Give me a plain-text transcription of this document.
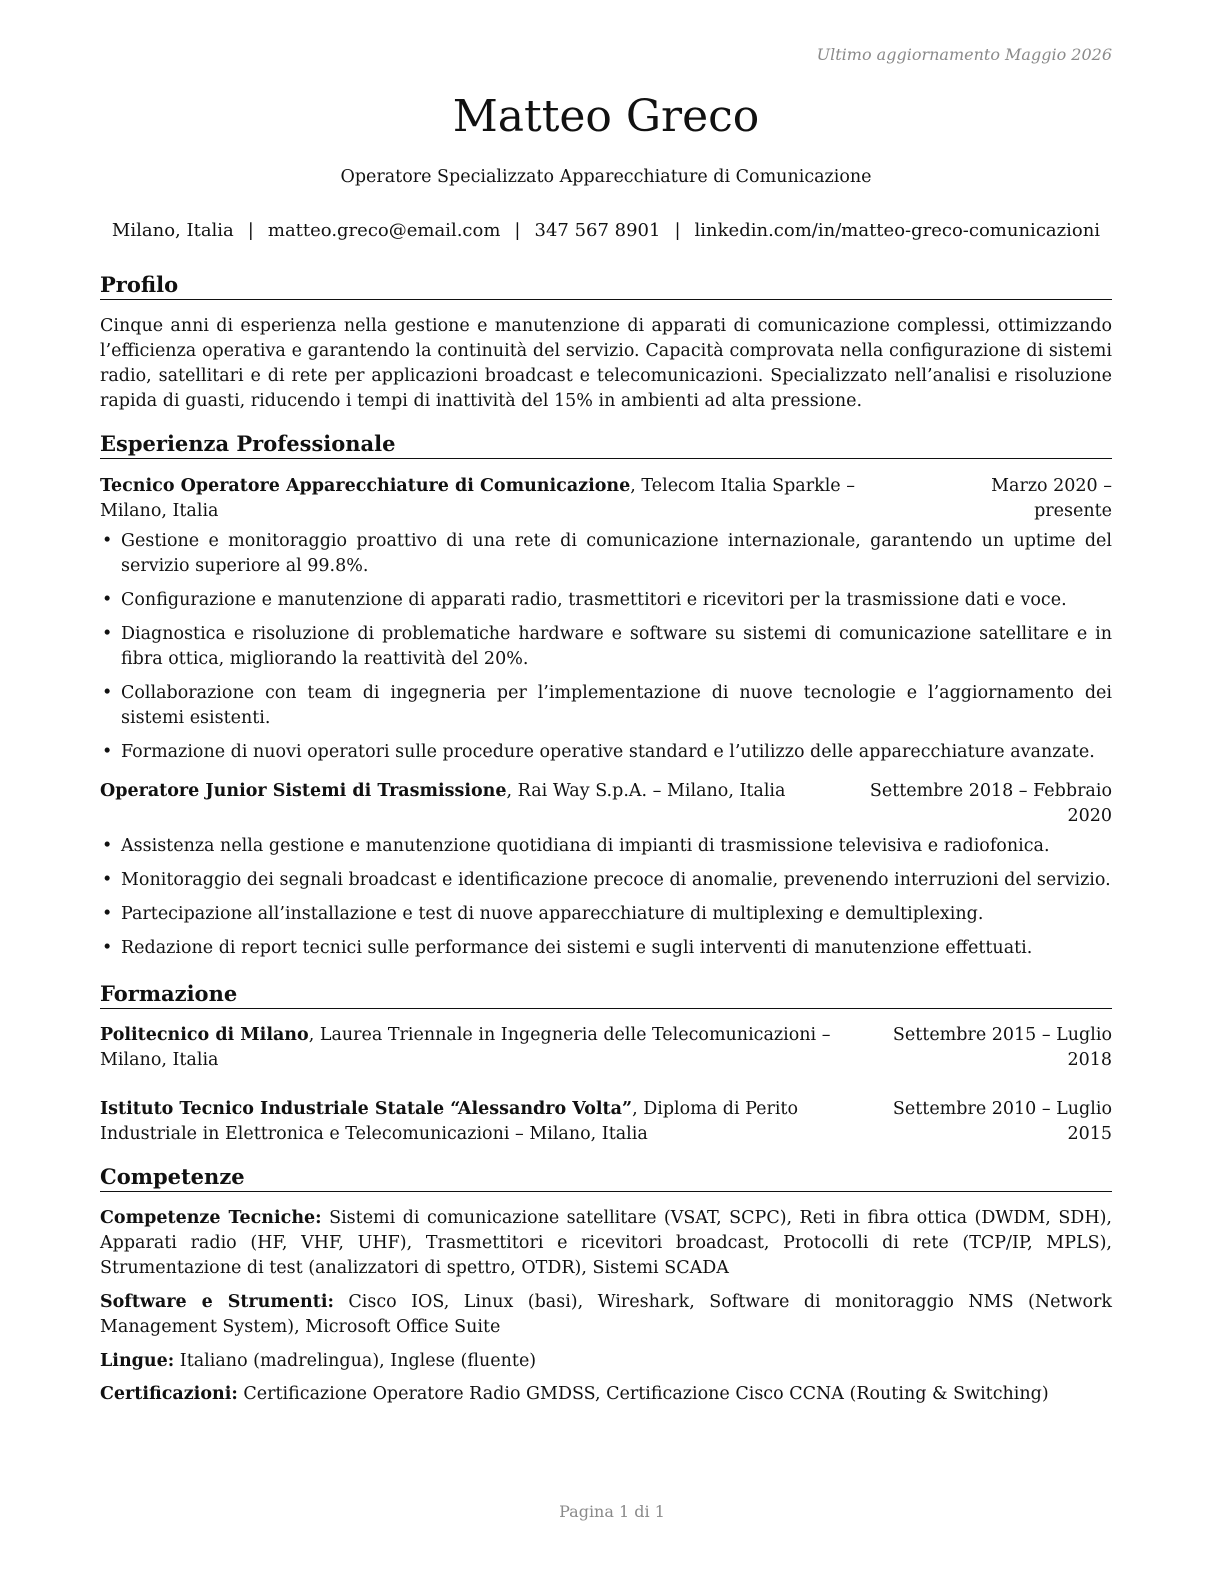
Ultimo aggiornamento Maggio 2026
Matteo Greco
Operatore Specializzato Apparecchiature di Comunicazione
Milano, Italia | matteo.greco@email.com | 347 567 8901 | linkedin.com/in/matteo-greco-comunicazioni
Profilo
Cinque anni di esperienza nella gestione e manutenzione di apparati di comunicazione complessi, ottimizzando l’efficienza operativa e garantendo la continuità del servizio. Capacità comprovata nella configurazione di sistemi radio, satellitari e di rete per applicazioni broadcast e telecomunicazioni. Specializzato nell’analisi e risoluzione rapida di guasti, riducendo i tempi di inattività del 15% in ambienti ad alta pressione.
Esperienza Professionale
Tecnico Operatore Apparecchiature di Comunicazione, Telecom Italia Sparkle – Milano, Italia
Marzo 2020 – presente
• Gestione e monitoraggio proattivo di una rete di comunicazione internazionale, garantendo un uptime del servizio superiore al 99.8%.
• Configurazione e manutenzione di apparati radio, trasmettitori e ricevitori per la trasmissione dati e voce.
• Diagnostica e risoluzione di problematiche hardware e software su sistemi di comunicazione satellitare e in fibra ottica, migliorando la reattività del 20%.
• Collaborazione con team di ingegneria per l’implementazione di nuove tecnologie e l’aggiornamento dei sistemi esistenti.
• Formazione di nuovi operatori sulle procedure operative standard e l’utilizzo delle apparecchiature avanzate.
Operatore Junior Sistemi di Trasmissione, Rai Way S.p.A. – Milano, Italia	Settembre 2018 – Febbraio 2020
• Assistenza nella gestione e manutenzione quotidiana di impianti di trasmissione televisiva e radiofonica.
• Monitoraggio dei segnali broadcast e identificazione precoce di anomalie, prevenendo interruzioni del servizio.
• Partecipazione all’installazione e test di nuove apparecchiature di multiplexing e demultiplexing.
• Redazione di report tecnici sulle performance dei sistemi e sugli interventi di manutenzione effettuati.
Formazione
Politecnico di Milano, Laurea Triennale in Ingegneria delle Telecomunicazioni – Milano, Italia
Settembre 2015 – Luglio 2018
Istituto Tecnico Industriale Statale “Alessandro Volta”, Diploma di Perito Industriale in Elettronica e Telecomunicazioni – Milano, Italia
Settembre 2010 – Luglio 2015
Competenze
Competenze Tecniche: Sistemi di comunicazione satellitare (VSAT, SCPC), Reti in fibra ottica (DWDM, SDH), Apparati radio (HF, VHF, UHF), Trasmettitori e ricevitori broadcast, Protocolli di rete (TCP/IP, MPLS), Strumentazione di test (analizzatori di spettro, OTDR), Sistemi SCADA
Software e Strumenti: Cisco IOS, Linux (basi), Wireshark, Software di monitoraggio NMS (Network Management System), Microsoft Office Suite
Lingue: Italiano (madrelingua), Inglese (fluente)
Certificazioni: Certificazione Operatore Radio GMDSS, Certificazione Cisco CCNA (Routing & Switching)
Pagina 1 di 1
